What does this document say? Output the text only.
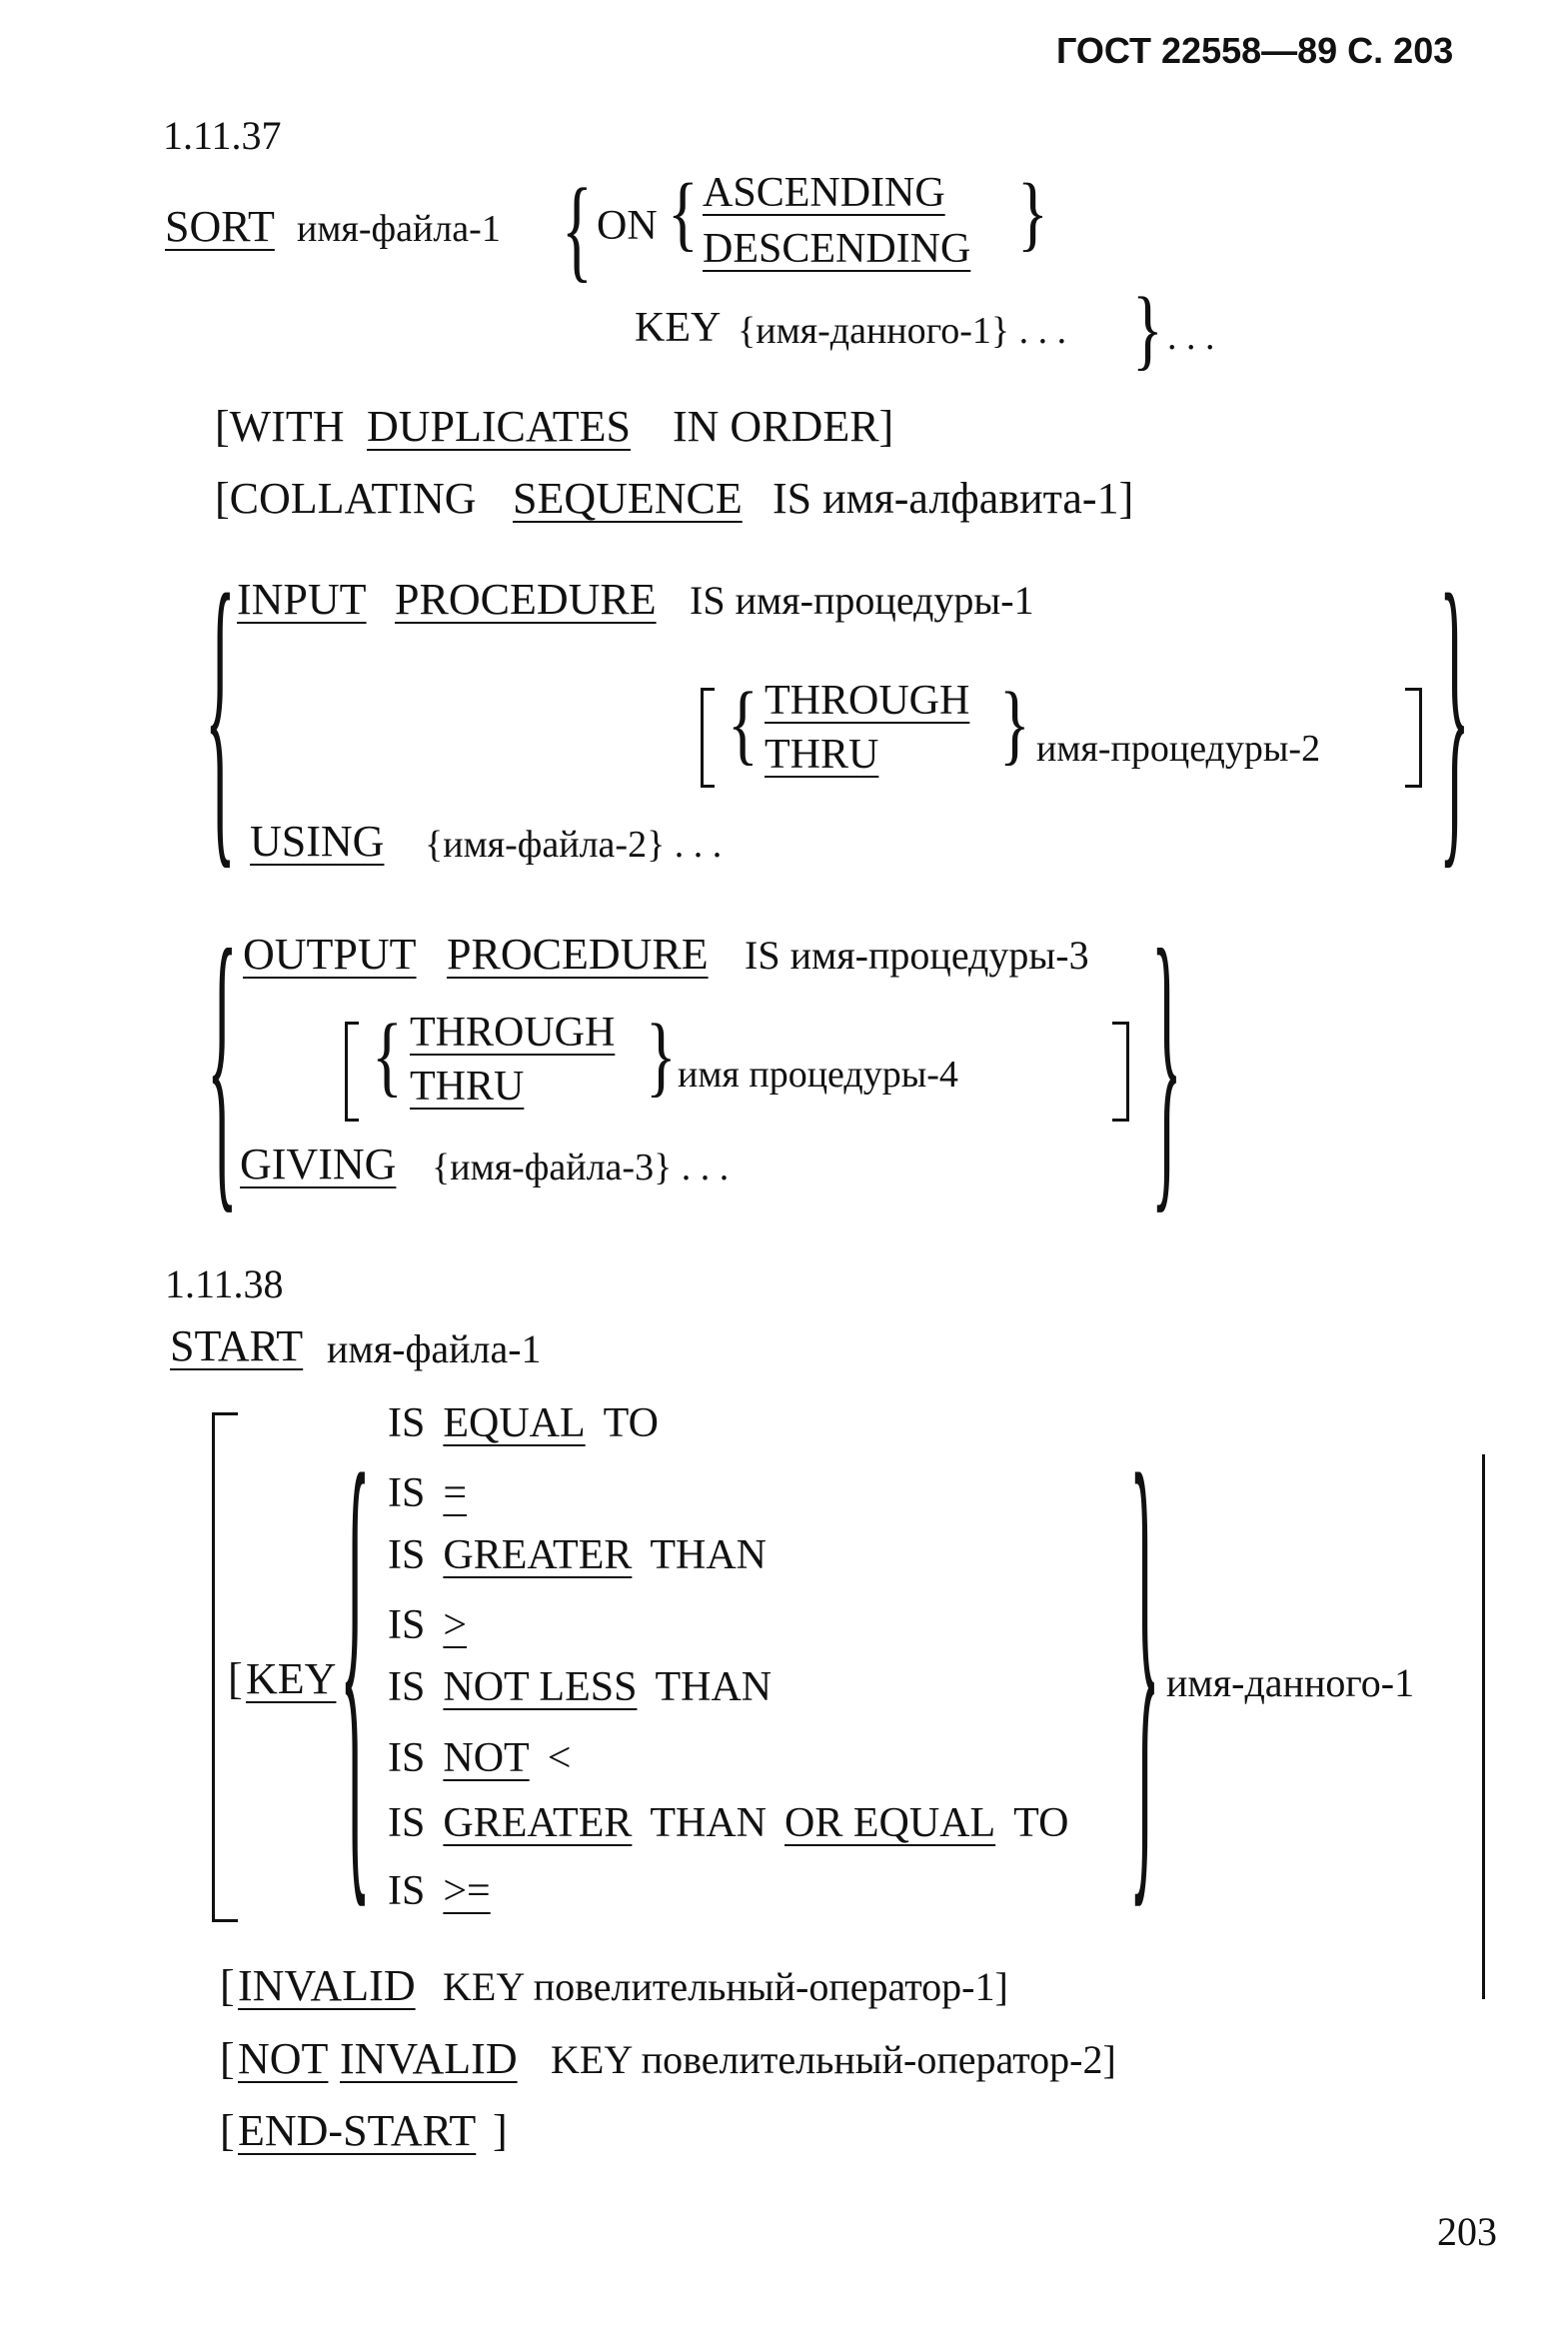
ГОСТ 22558—89 С. 203
1.11.37
SORT имя-файла-1 { ON { ASCENDING
DESCENDING }
KEY {имя-данного-1} . . . } . . .
[WITH DUPLICATES IN ORDER]
[COLLATING SEQUENCE IS имя-алфавита-1]
{ INPUT PROCEDURE IS имя-процедуры-1
{ THROUGH
THRU } имя-процедуры-2 }
USING {имя-файла-2} . . .
{ OUTPUT PROCEDURE IS имя-процедуры-3
{ THROUGH
THRU } имя процедуры-4	}
GIVING {имя-файла-3} . . .
1.11.38
START имя-файла-1
[ KEY { IS EQUAL TO
IS =
IS GREATER THAN
IS >
IS NOT LESS THAN
IS NOT <
IS GREATER THAN OR EQUAL TO
IS >=	} имя-данного-1
[ INVALID KEY повелительный-оператор-1]
[ NOT INVALID KEY повелительный-оператор-2]
[ END-START ]
203
